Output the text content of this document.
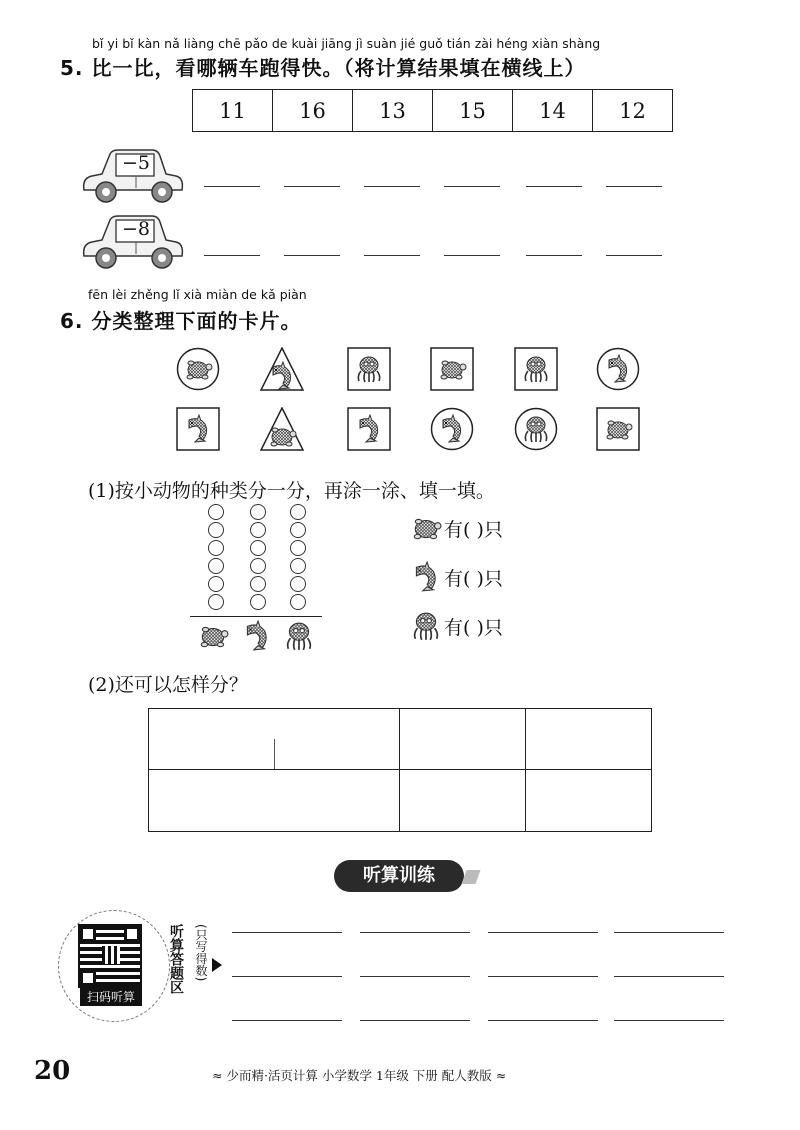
bǐ yi bǐ kàn nǎ liàng chē pǎo de kuài jiāng jì suàn jié guǒ tián zài héng xiàn shàng
5. 比一比，看哪辆车跑得快。（将计算结果填在横线上）
11	16	13	15	14	12
−5
−8
fēn lèi zhěng lǐ xià miàn de kǎ piàn
6. 分类整理下面的卡片。
(1)按小动物的种类分一分，再涂一涂、填一填。
有( )只
有( )只
有( )只
(2)还可以怎样分？
听算训练
扫码听算
听算答题区 (只写得数)
20	≈ 少而精·活页计算 小学数学 1年级 下册 配人教版 ≈
